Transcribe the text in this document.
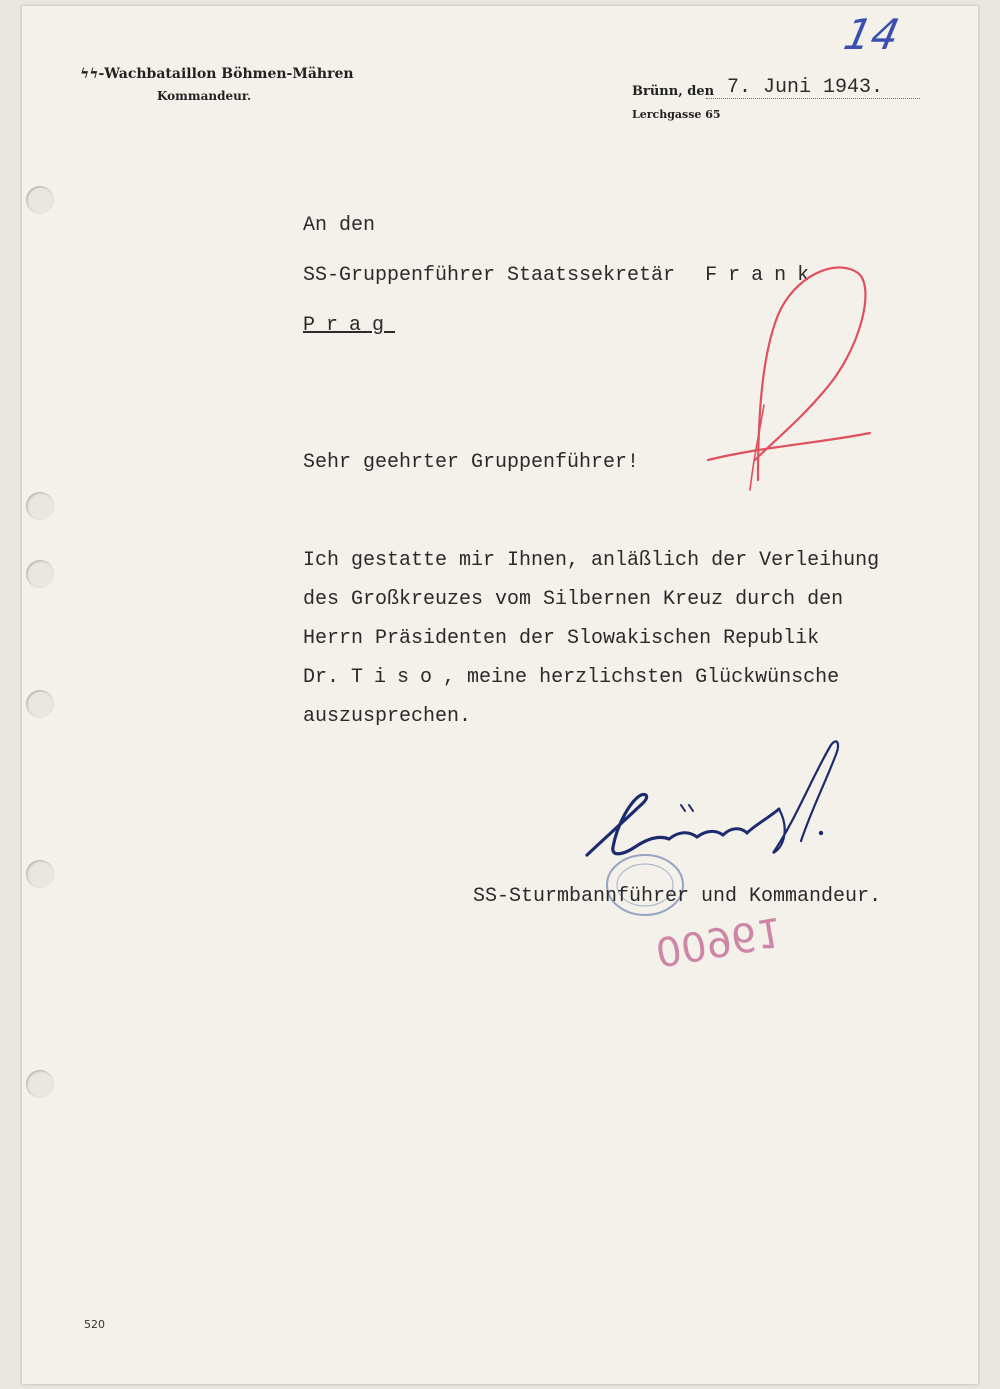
ϟϟ-Wachbataillon Böhmen-Mähren
Kommandeur.	Brünn, den 7. Juni 1943.
Lerchgasse 65
14
An den
SS-Gruppenführer Staatssekretär Frank
Prag
Sehr geehrter Gruppenführer!
Ich gestatte mir Ihnen, anläßlich der Verleihung
des Großkreuzes vom Silbernen Kreuz durch den
Herrn Präsidenten der Slowakischen Republik
Dr. Tiso, meine herzlichsten Glückwünsche
auszusprechen.
00961
SS-Sturmbannführer und Kommandeur.
520
